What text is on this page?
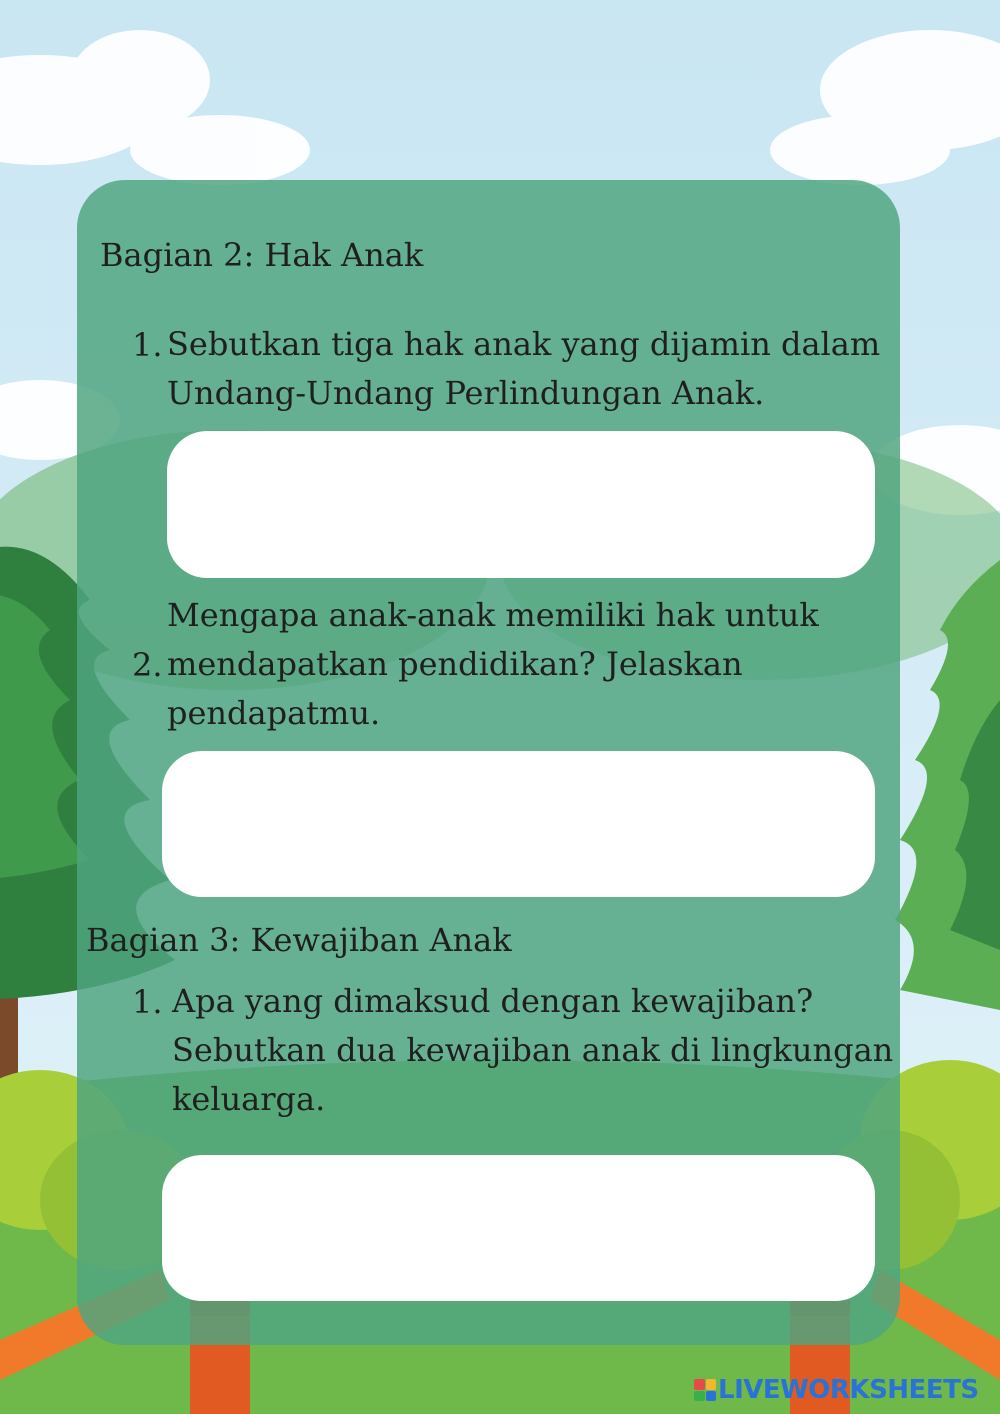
Bagian 2: Hak Anak
1. Sebutkan tiga hak anak yang dijamin dalam
Undang-Undang Perlindungan Anak.
2.
Mengapa anak-anak memiliki hak untuk
mendapatkan pendidikan? Jelaskan
pendapatmu.
Bagian 3: Kewajiban Anak
1. Apa yang dimaksud dengan kewajiban?
Sebutkan dua kewajiban anak di lingkungan
keluarga.
LIVEWORKSHEETS
